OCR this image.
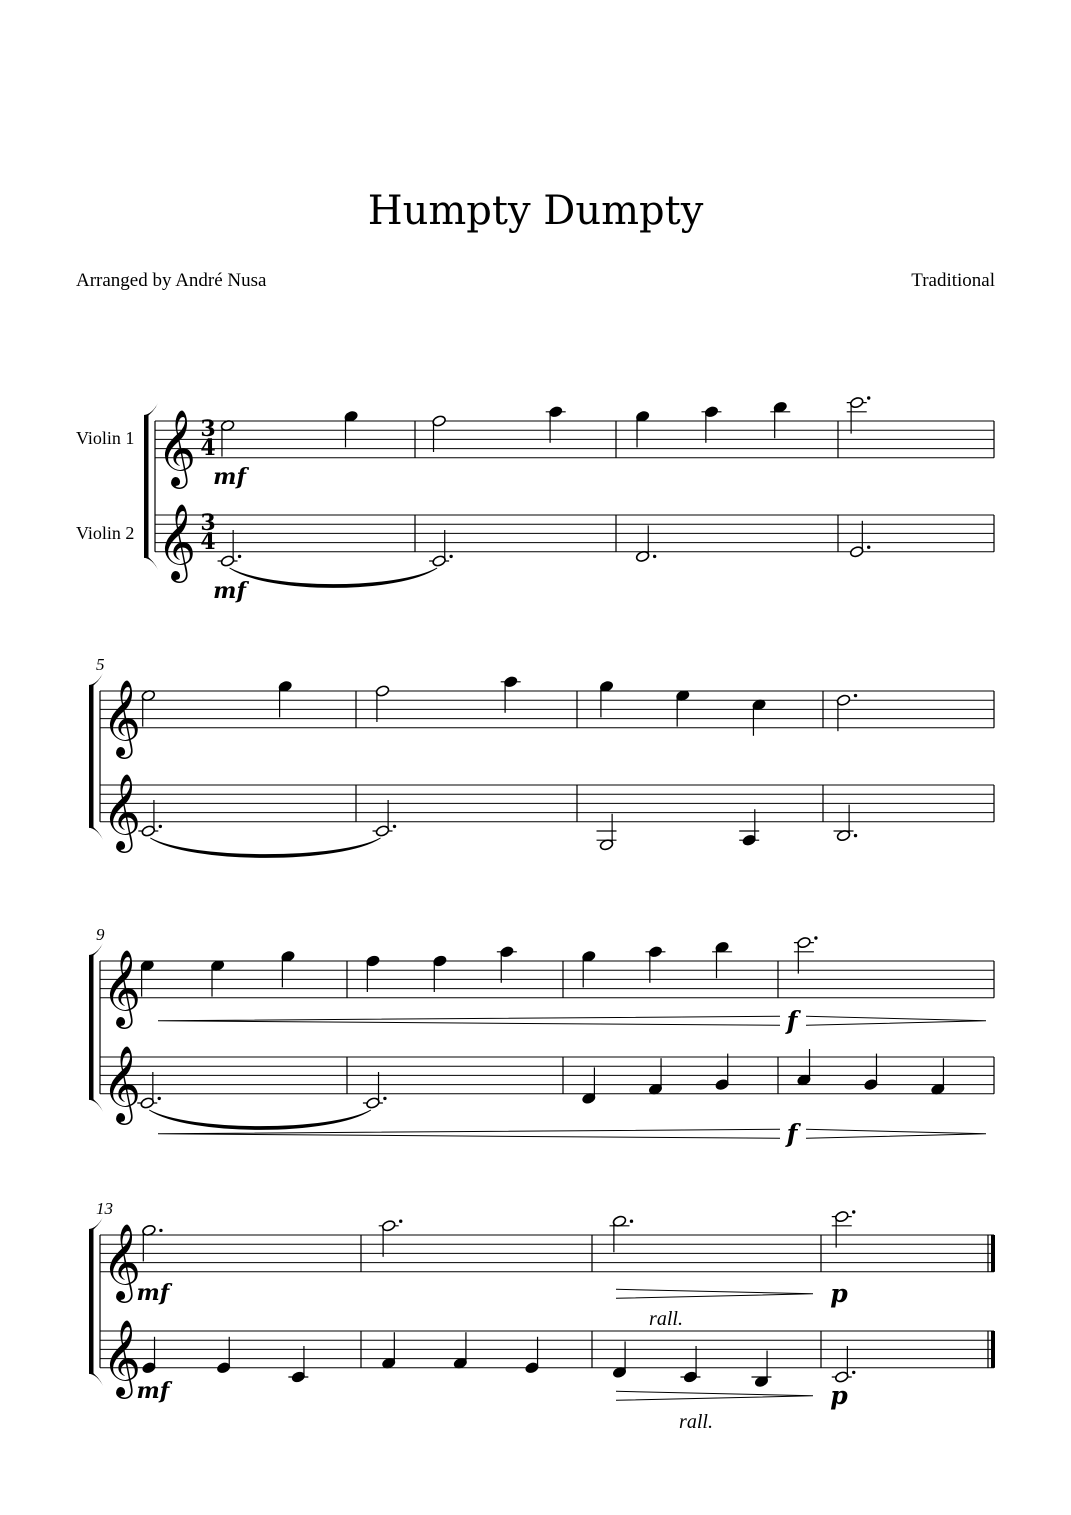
Humpty Dumpty
Arranged by André Nusa	Traditional
Violin 1
Violin 2
𝄞
𝄞
3
4
3
4
𝄞
𝄞
5
𝄞
𝄞
9
𝄞
𝄞
13
mf
mf
f
f
mf
mf
rall.
p
rall.
p
